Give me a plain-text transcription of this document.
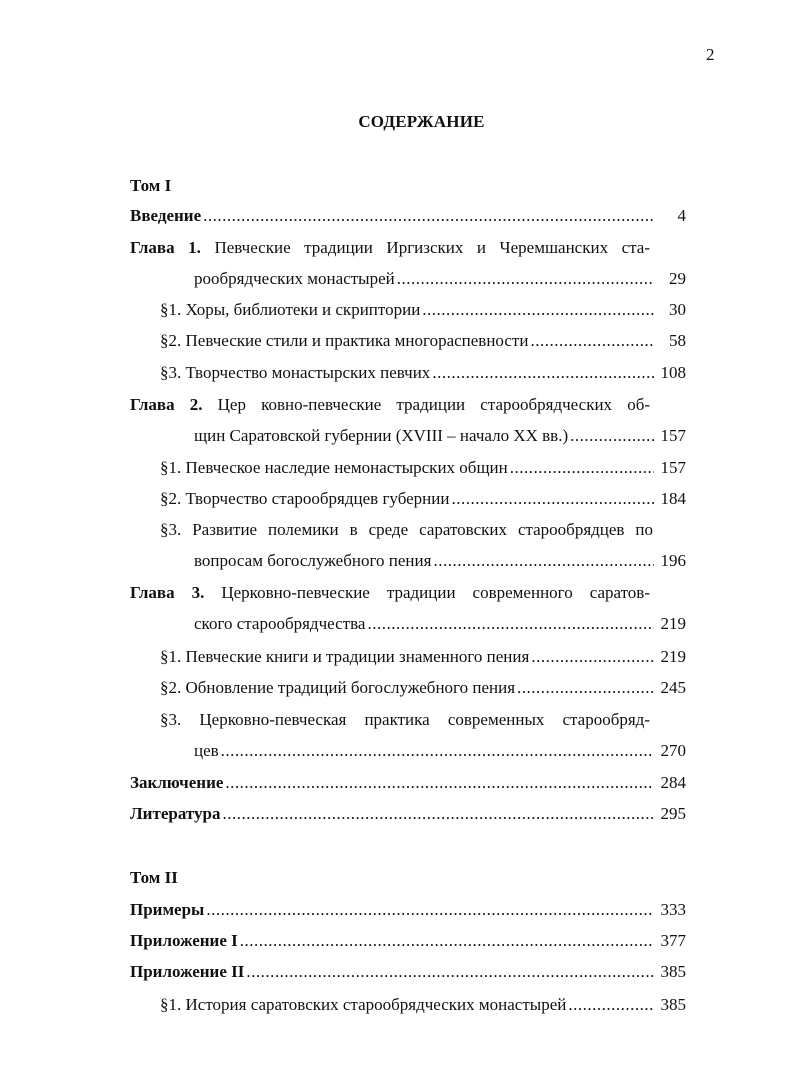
2
СОДЕРЖАНИЕ
Том I
Введение .....	4
Глава 1. Певческие традиции Иргизских и Черемшанских ста-
рообрядческих монастырей .....	29
§1. Хоры, библиотеки и скриптории .....	30
§2. Певческие стили и практика многораспевности .....	58
§3. Творчество монастырских певчих .....	108
Глава 2. Цер ковно-певческие традиции старообрядческих об-
щин Саратовской губернии (XVIII – начало XX вв.) .....	157
§1. Певческое наследие немонастырских общин .....	157
§2. Творчество старообрядцев губернии .....	184
§3. Развитие полемики в среде саратовских старообрядцев по
вопросам богослужебного пения .....	196
Глава 3. Церковно-певческие традиции современного саратов-
ского старообрядчества .....	219
§1. Певческие книги и традиции знаменного пения .....	219
§2. Обновление традиций богослужебного пения .....	245
§3. Церковно-певческая практика современных старообряд-
цев .....	270
Заключение .....	284
Литература .....	295
Том II
Примеры .....	333
Приложение I .....	377
Приложение II .....	385
§1. История саратовских старообрядческих монастырей .....	385
